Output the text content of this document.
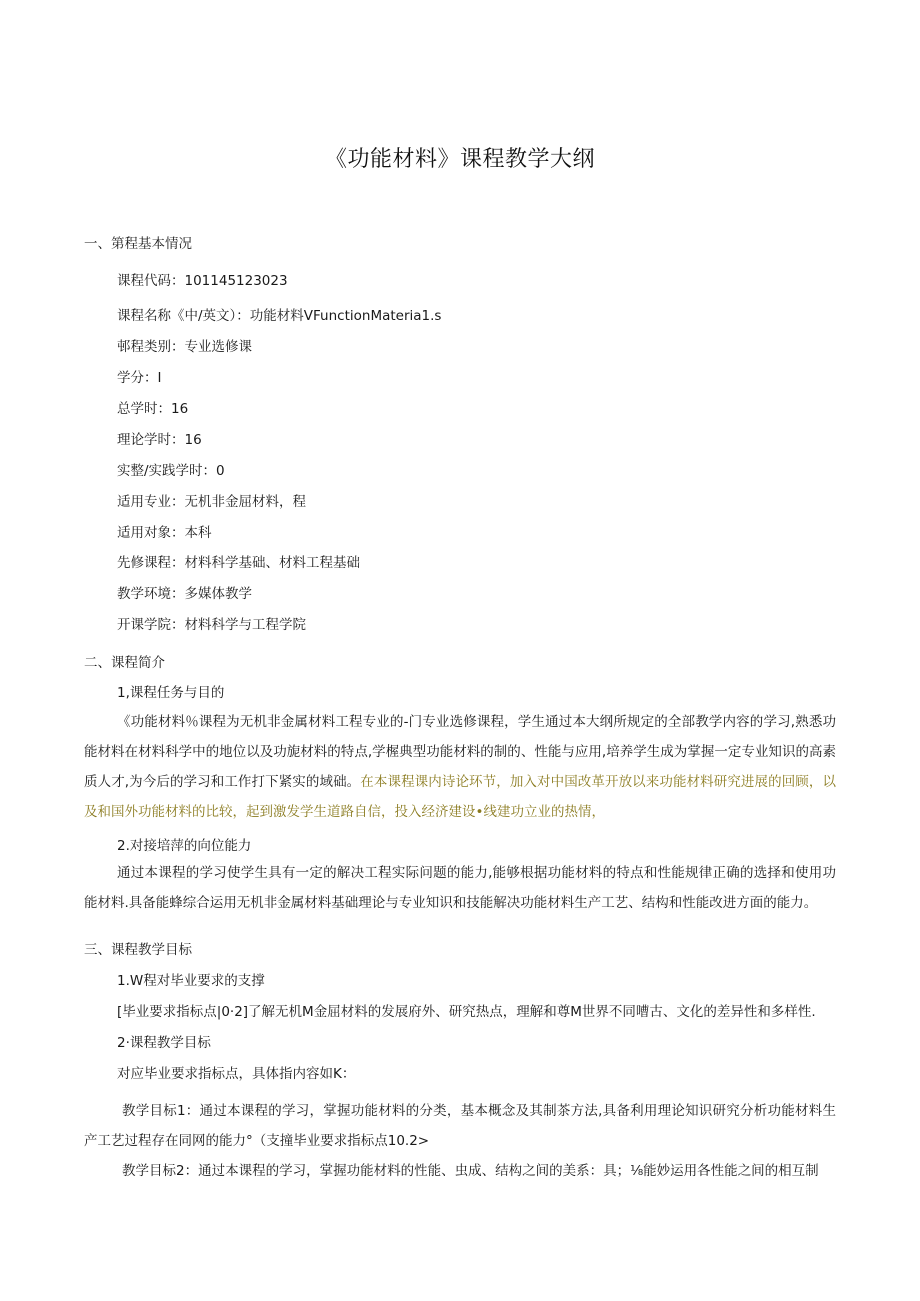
《功能材料》课程教学大纲
一、第程基本情况
课程代码：101145123023
课程名称《中/英文）：功能材料VFunctionMateria1.s
邨程类别：专业选修课
学分：I
总学时：16
理论学时：16
实整/实践学时：0
适用专业：无机非金屈材料，程
适用对象：本科
先修课程：材料科学基础、材料工程基础
教学环境：多媒体教学
开课学院：材料科学与工程学院
二、课程简介
1,课程任务与目的

《功能材料％课程为无机非金属材料工程专业的-门专业选修课程，学生通过本大纲所规定的全部教学内容的学习,熟悉功能材料在材料科学中的地位以及功旎材料的特点,学楃典型功能材料的制的、性能与应用,培养学生成为掌握一定专业知识的高素质人才,为今后的学习和工作打下紧实的域础。在本课程课内诗论环节，加入对中国改革开放以来功能材料研究进展的回顾，以及和国外功能材料的比较，起到激发学生道路自信，投入经济建设•线建功立业的热情，

2.对接培萍的向位能力

通过本课程的学习使学生具有一定的解决工程实际问题的能力,能够根据功能材料的特点和性能规律正确的选择和使用功能材料.具备能蜂综合运用无机非金属材料基础理论与专业知识和技能解决功能材料生产工艺、结构和性能改进方面的能力。

三、课程教学目标
1.W程对毕业要求的支撑
[毕业要求指标点|0·2]了解无机M金屈材料的发展府外、研究热点，理解和尊M世界不同嘈古、文化的差异性和多样性.
2·课程教学目标
对应毕业要求指标点，具体指内容如K：

教学目标1：通过本课程的学习，掌握功能材料的分类，基本概念及其制茶方法,具备利用理论知识研究分析功能材料生产工艺过程存在同网的能力°（支撞毕业要求指标点10.2>

教学目标2：通过本课程的学习，掌握功能材料的性能、虫成、结构之间的美系：具；⅛能妙运用各性能之间的相互制
